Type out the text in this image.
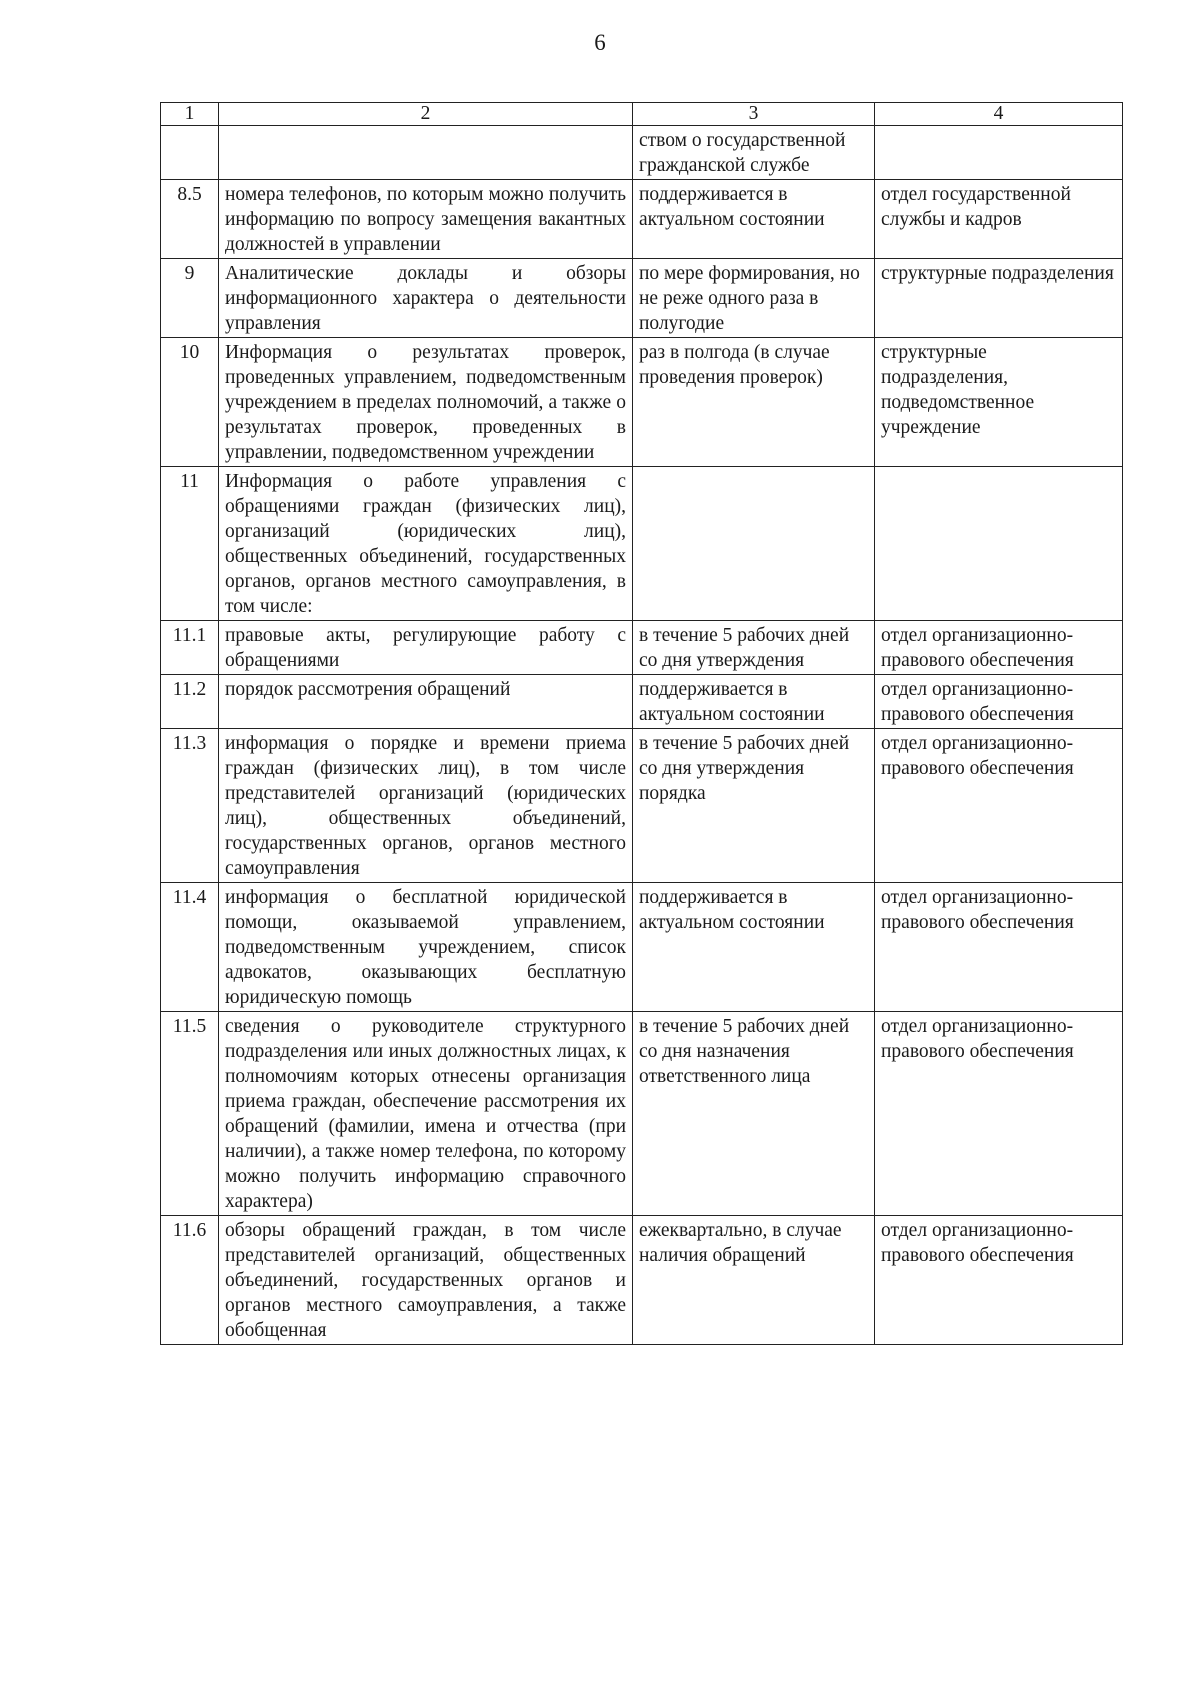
6
1	2	3	4
		ством о государственной гражданской службе	
8.5	номера телефонов, по которым можно получить информацию по вопросу замещения вакантных должностей в управлении	поддерживается в актуальном состоянии	отдел государственной службы и кадров
9	Аналитические доклады и обзоры информационного характера о деятельности управления	по мере формирования, но не реже одного раза в полугодие	структурные подразделения
10	Информация о результатах проверок, проведенных управлением, подведомственным учреждением в пределах полномочий, а также о результатах проверок, проведенных в управлении, подведомственном учреждении	раз в полгода (в случае проведения проверок)	структурные подразделения, подведомственное учреждение
11	Информация о работе управления с обращениями граждан (физических лиц), организаций (юридических лиц), общественных объединений, государственных органов, органов местного самоуправления, в том числе:		
11.1	правовые акты, регулирующие работу с обращениями	в течение 5 рабочих дней со дня утверждения	отдел организационно-правового обеспечения
11.2	порядок рассмотрения обращений	поддерживается в актуальном состоянии	отдел организационно-правового обеспечения
11.3	информация о порядке и времени приема граждан (физических лиц), в том числе представителей организаций (юридических лиц), общественных объединений, государственных органов, органов местного самоуправления	в течение 5 рабочих дней со дня утверждения порядка	отдел организационно-правового обеспечения
11.4	информация о бесплатной юридической помощи, оказываемой управлением, подведомственным учреждением, список адвокатов, оказывающих бесплатную юридическую помощь	поддерживается в актуальном состоянии	отдел организационно-правового обеспечения
11.5	сведения о руководителе структурного подразделения или иных должностных лицах, к полномочиям которых отнесены организация приема граждан, обеспечение рассмотрения их обращений (фамилии, имена и отчества (при наличии), а также номер телефона, по которому можно получить информацию справочного характера)	в течение 5 рабочих дней со дня назначения ответственного лица	отдел организационно-правового обеспечения
11.6	обзоры обращений граждан, в том числе представителей организаций, общественных объединений, государственных органов и органов местного самоуправления, а также обобщенная	ежеквартально, в случае наличия обращений	отдел организационно-правового обеспечения
